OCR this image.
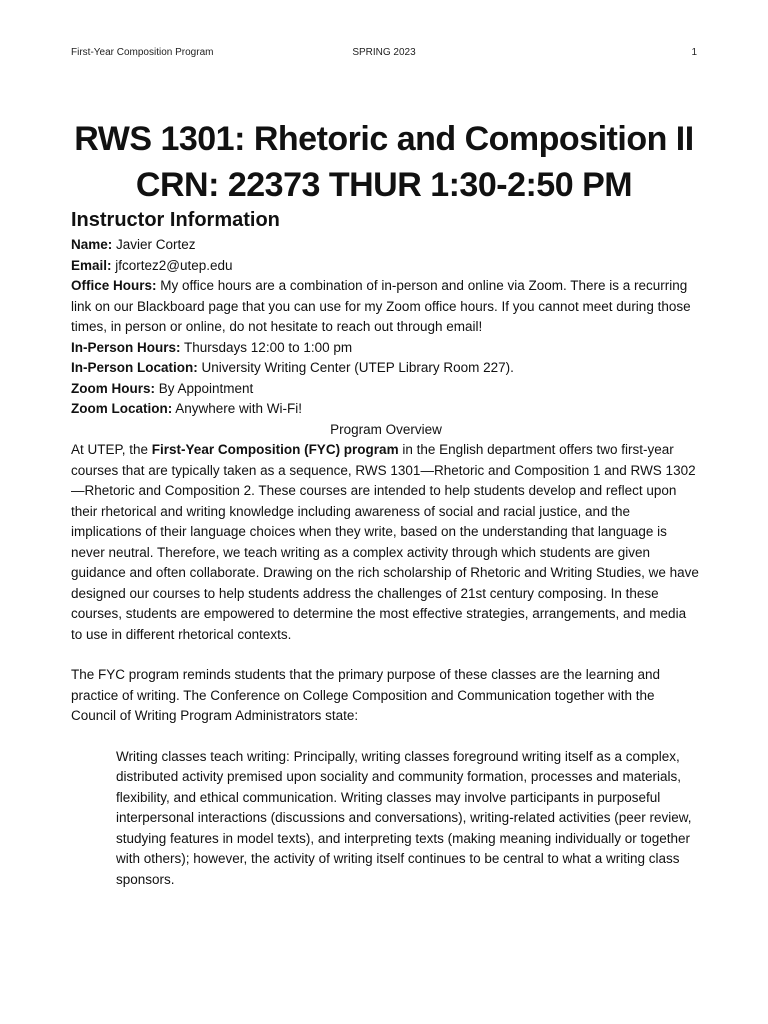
First-Year Composition Program	SPRING 2023	1
RWS 1301: Rhetoric and Composition II
CRN: 22373 THUR 1:30-2:50 PM
Instructor Information

Name: Javier Cortez

Email: jfcortez2@utep.edu

Office Hours: My office hours are a combination of in-person and online via Zoom. There is a recurring link on our Blackboard page that you can use for my Zoom office hours. If you cannot meet during those times, in person or online, do not hesitate to reach out through email!

In-Person Hours: Thursdays 12:00 to 1:00 pm

In-Person Location: University Writing Center (UTEP Library Room 227).

Zoom Hours: By Appointment

Zoom Location: Anywhere with Wi-Fi!

Program Overview

At UTEP, the First-Year Composition (FYC) program in the English department offers two first-year courses that are typically taken as a sequence, RWS 1301—Rhetoric and Composition 1 and RWS 1302—Rhetoric and Composition 2. These courses are intended to help students develop and reflect upon their rhetorical and writing knowledge including awareness of social and racial justice, and the implications of their language choices when they write, based on the understanding that language is never neutral. Therefore, we teach writing as a complex activity through which students are given guidance and often collaborate. Drawing on the rich scholarship of Rhetoric and Writing Studies, we have designed our courses to help students address the challenges of 21st century composing. In these courses, students are empowered to determine the most effective strategies, arrangements, and media to use in different rhetorical contexts.

The FYC program reminds students that the primary purpose of these classes are the learning and practice of writing. The Conference on College Composition and Communication together with the Council of Writing Program Administrators state:

Writing classes teach writing: Principally, writing classes foreground writing itself as a complex, distributed activity premised upon sociality and community formation, processes and materials, flexibility, and ethical communication. Writing classes may involve participants in purposeful interpersonal interactions (discussions and conversations), writing-related activities (peer review, studying features in model texts), and interpreting texts (making meaning individually or together with others); however, the activity of writing itself continues to be central to what a writing class sponsors.
